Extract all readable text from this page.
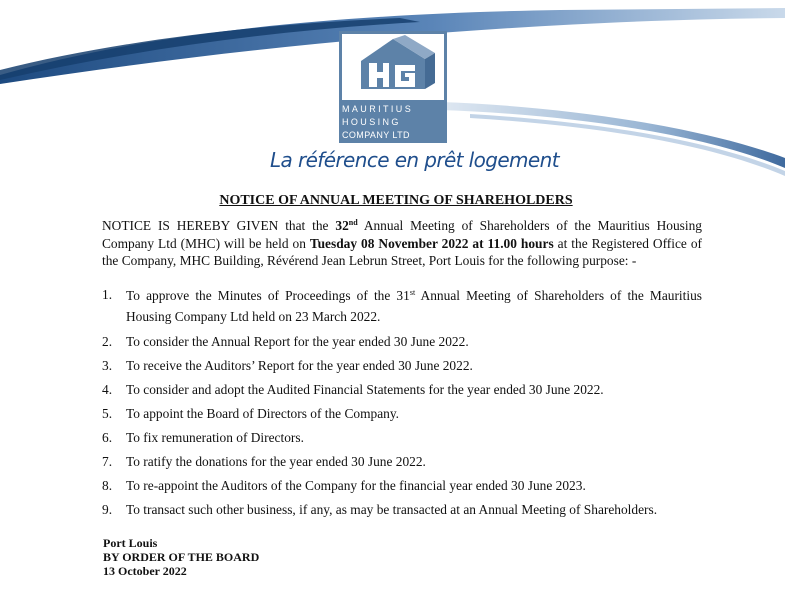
MAURITIUS
HOUSING
COMPANY LTD
La référence en prêt logement
NOTICE OF ANNUAL MEETING OF SHAREHOLDERS
NOTICE IS HEREBY GIVEN that the 32nd Annual Meeting of Shareholders of the Mauritius Housing Company Ltd (MHC) will be held on Tuesday 08 November 2022 at 11.00 hours at the Registered Office of the Company, MHC Building, Révérend Jean Lebrun Street, Port Louis for the following purpose: -
1.	To approve the Minutes of Proceedings of the 31st Annual Meeting of Shareholders of the Mauritius Housing Company Ltd held on 23 March 2022.
2.	To consider the Annual Report for the year ended 30 June 2022.
3.	To receive the Auditors’ Report for the year ended 30 June 2022.
4.	To consider and adopt the Audited Financial Statements for the year ended 30 June 2022.
5.	To appoint the Board of Directors of the Company.
6.	To fix remuneration of Directors.
7.	To ratify the donations for the year ended 30 June 2022.
8.	To re-appoint the Auditors of the Company for the financial year ended 30 June 2023.
9.	To transact such other business, if any, as may be transacted at an Annual Meeting of Shareholders.
Port Louis
BY ORDER OF THE BOARD
13 October 2022
